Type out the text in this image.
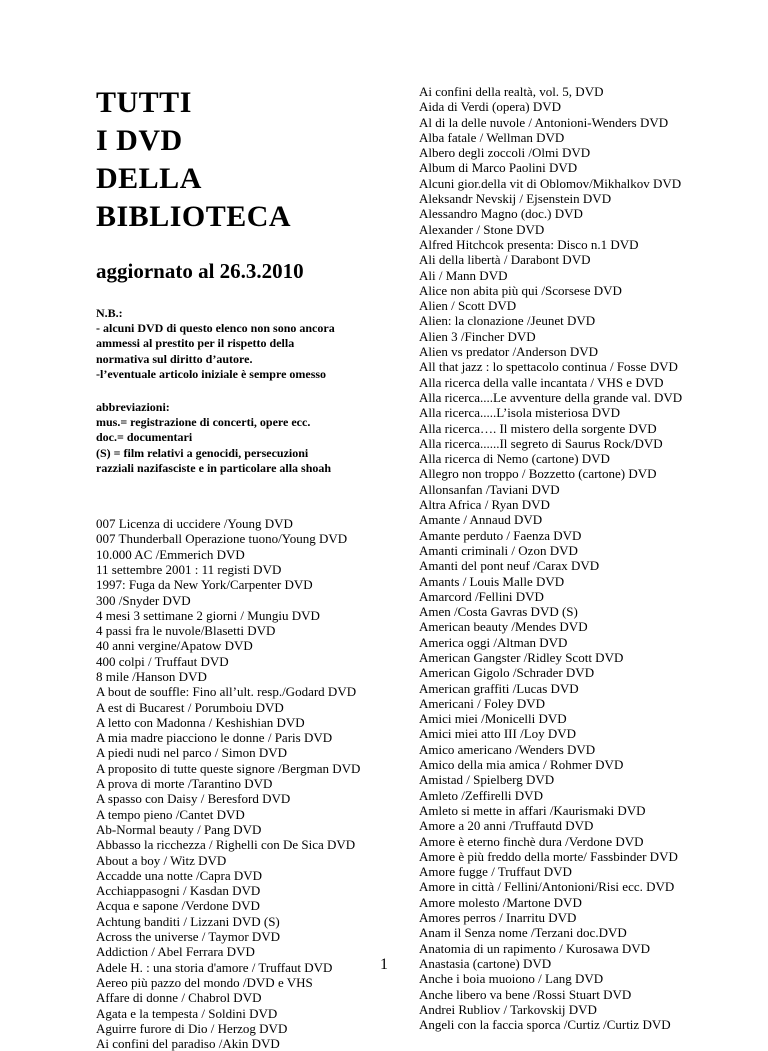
TUTTI
I DVD
DELLA
BIBLIOTECA
aggiornato al 26.3.2010
N.B.:
- alcuni DVD di questo elenco non sono ancora
ammessi al prestito per il rispetto della
normativa sul diritto d’autore.
-l’eventuale articolo iniziale è sempre omesso
abbreviazioni:
mus.= registrazione di concerti, opere ecc.
doc.= documentari
(S) = film relativi a genocidi, persecuzioni
razziali nazifasciste e in particolare alla shoah
007 Licenza di uccidere /Young DVD
007 Thunderball Operazione tuono/Young DVD
10.000 AC /Emmerich DVD
11 settembre 2001 : 11 registi DVD
1997: Fuga da New York/Carpenter DVD
300 /Snyder DVD
4 mesi 3 settimane 2 giorni / Mungiu DVD
4 passi fra le nuvole/Blasetti DVD
40 anni vergine/Apatow DVD
400 colpi / Truffaut DVD
8 mile /Hanson DVD
A bout de souffle: Fino all’ult. resp./Godard DVD
A est di Bucarest / Porumboiu DVD
A letto con Madonna / Keshishian DVD
A mia madre piacciono le donne / Paris DVD
A piedi nudi nel parco / Simon DVD
A proposito di tutte queste signore /Bergman DVD
A prova di morte /Tarantino DVD
A spasso con Daisy / Beresford DVD
A tempo pieno /Cantet DVD
Ab-Normal beauty / Pang DVD
Abbasso la ricchezza / Righelli con De Sica DVD
About a boy / Witz DVD
Accadde una notte /Capra DVD
Acchiappasogni / Kasdan DVD
Acqua e sapone /Verdone DVD
Achtung banditi / Lizzani DVD (S)
Across the universe / Taymor DVD
Addiction / Abel Ferrara DVD
Adele H. : una storia d'amore / Truffaut DVD
Aereo più pazzo del mondo /DVD e VHS
Affare di donne / Chabrol DVD
Agata e la tempesta / Soldini DVD
Aguirre furore di Dio / Herzog DVD
Ai confini del paradiso /Akin DVD
Ai confini della realtà, vol. 5, DVD
Aida di Verdi (opera) DVD
Al di la delle nuvole / Antonioni-Wenders DVD
Alba fatale / Wellman DVD
Albero degli zoccoli /Olmi DVD
Album di Marco Paolini DVD
Alcuni gior.della vit di Oblomov/Mikhalkov DVD
Aleksandr Nevskij / Ejsenstein DVD
Alessandro Magno (doc.) DVD
Alexander / Stone DVD
Alfred Hitchcok presenta: Disco n.1 DVD
Ali della libertà / Darabont DVD
Ali / Mann DVD
Alice non abita più qui /Scorsese DVD
Alien / Scott DVD
Alien: la clonazione /Jeunet DVD
Alien 3 /Fincher DVD
Alien vs predator /Anderson DVD
All that jazz : lo spettacolo continua / Fosse DVD
Alla ricerca della valle incantata / VHS e DVD
Alla ricerca....Le avventure della grande val. DVD
Alla ricerca.....L’isola misteriosa DVD
Alla ricerca…. Il mistero della sorgente DVD
Alla ricerca......Il segreto di Saurus Rock/DVD
Alla ricerca di Nemo (cartone) DVD
Allegro non troppo / Bozzetto (cartone) DVD
Allonsanfan /Taviani DVD
Altra Africa / Ryan DVD
Amante / Annaud DVD
Amante perduto / Faenza DVD
Amanti criminali / Ozon DVD
Amanti del pont neuf /Carax DVD
Amants / Louis Malle DVD
Amarcord /Fellini DVD
Amen /Costa Gavras DVD (S)
American beauty /Mendes DVD
America oggi /Altman DVD
American Gangster /Ridley Scott DVD
American Gigolo /Schrader DVD
American graffiti /Lucas DVD
Americani / Foley DVD
Amici miei /Monicelli DVD
Amici miei atto III /Loy DVD
Amico americano /Wenders DVD
Amico della mia amica / Rohmer DVD
Amistad / Spielberg DVD
Amleto /Zeffirelli DVD
Amleto si mette in affari /Kaurismaki DVD
Amore a 20 anni /Truffautd DVD
Amore è eterno finchè dura /Verdone DVD
Amore è più freddo della morte/ Fassbinder DVD
Amore fugge / Truffaut DVD
Amore in città / Fellini/Antonioni/Risi ecc. DVD
Amore molesto /Martone DVD
Amores perros / Inarritu DVD
Anam il Senza nome /Terzani doc.DVD
Anatomia di un rapimento / Kurosawa DVD
Anastasia (cartone) DVD
Anche i boia muoiono / Lang DVD
Anche libero va bene /Rossi Stuart DVD
Andrei Rubliov / Tarkovskij DVD
Angeli con la faccia sporca /Curtiz /Curtiz DVD
1
